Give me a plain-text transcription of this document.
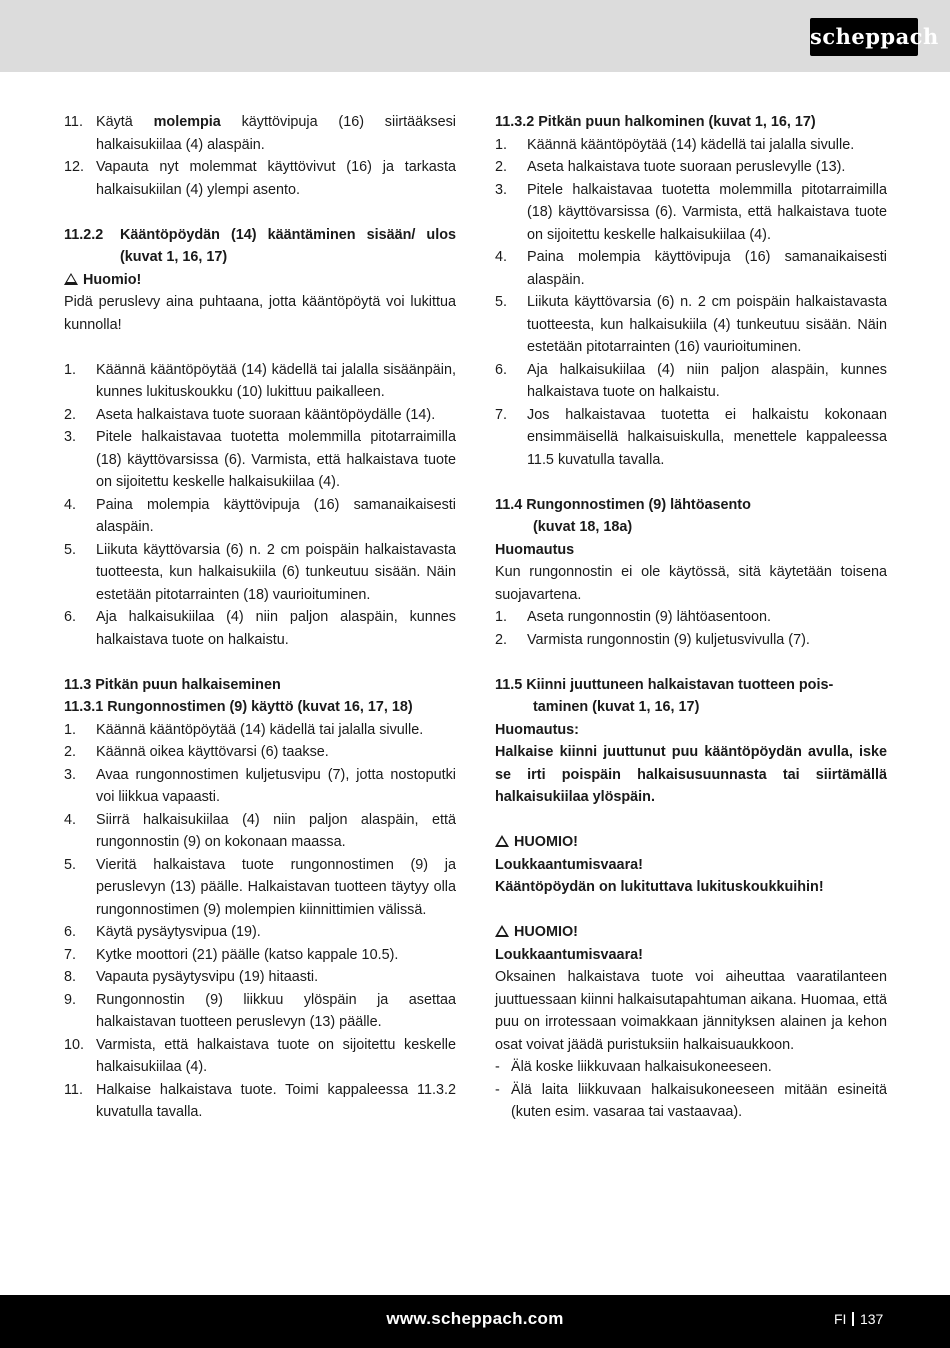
scheppach
11. Käytä molempia käyttövipuja (16) siirtääksesi halkaisukiilaa (4) alaspäin.
12. Vapauta nyt molemmat käyttövivut (16) ja tarkasta halkaisukiilan (4) ylempi asento.
11.2.2 Kääntöpöydän (14) kääntäminen sisään/ ulos (kuvat 1, 16, 17)
Huomio!
Pidä peruslevy aina puhtaana, jotta kääntöpöytä voi lukittua kunnolla!
1. Käännä kääntöpöytää (14) kädellä tai jalalla sisäänpäin, kunnes lukituskoukku (10) lukittuu paikalleen.
2. Aseta halkaistava tuote suoraan kääntöpöydälle (14).
3. Pitele halkaistavaa tuotetta molemmilla pitotarraimilla (18) käyttövarsissa (6). Varmista, että halkaistava tuote on sijoitettu keskelle halkaisukiilaa (4).
4. Paina molempia käyttövipuja (16) samanaikaisesti alaspäin.
5. Liikuta käyttövarsia (6) n. 2 cm poispäin halkaistavasta tuotteesta, kun halkaisukiila (6) tunkeutuu sisään. Näin estetään pitotarrainten (18) vaurioituminen.
6. Aja halkaisukiilaa (4) niin paljon alaspäin, kunnes halkaistava tuote on halkaistu.
11.3 Pitkän puun halkaiseminen
11.3.1 Rungonnostimen (9) käyttö (kuvat 16, 17, 18)
1. Käännä kääntöpöytää (14) kädellä tai jalalla sivulle.
2. Käännä oikea käyttövarsi (6) taakse.
3. Avaa rungonnostimen kuljetusvipu (7), jotta nostoputki voi liikkua vapaasti.
4. Siirrä halkaisukiilaa (4) niin paljon alaspäin, että rungonnostin (9) on kokonaan maassa.
5. Vieritä halkaistava tuote rungonnostimen (9) ja peruslevyn (13) päälle. Halkaistavan tuotteen täytyy olla rungonnostimen (9) molempien kiinnittimien välissä.
6. Käytä pysäytysvipua (19).
7. Kytke moottori (21) päälle (katso kappale 10.5).
8. Vapauta pysäytysvipu (19) hitaasti.
9. Rungonnostin (9) liikkuu ylöspäin ja asettaa halkaistavan tuotteen peruslevyn (13) päälle.
10. Varmista, että halkaistava tuote on sijoitettu keskelle halkaisukiilaa (4).
11. Halkaise halkaistava tuote. Toimi kappaleessa 11.3.2 kuvatulla tavalla.
11.3.2 Pitkän puun halkominen (kuvat 1, 16, 17)
1. Käännä kääntöpöytää (14) kädellä tai jalalla sivulle.
2. Aseta halkaistava tuote suoraan peruslevylle (13).
3. Pitele halkaistavaa tuotetta molemmilla pitotarraimilla (18) käyttövarsissa (6). Varmista, että halkaistava tuote on sijoitettu keskelle halkaisukiilaa (4).
4. Paina molempia käyttövipuja (16) samanaikaisesti alaspäin.
5. Liikuta käyttövarsia (6) n. 2 cm poispäin halkaistavasta tuotteesta, kun halkaisukiila (4) tunkeutuu sisään. Näin estetään pitotarrainten (16) vaurioituminen.
6. Aja halkaisukiilaa (4) niin paljon alaspäin, kunnes halkaistava tuote on halkaistu.
7. Jos halkaistavaa tuotetta ei halkaistu kokonaan ensimmäisellä halkaisuiskulla, menettele kappaleessa 11.5 kuvatulla tavalla.
11.4 Rungonnostimen (9) lähtöasento
(kuvat 18, 18a)
Huomautus
Kun rungonnostin ei ole käytössä, sitä käytetään toisena suojavartena.
1. Aseta rungonnostin (9) lähtöasentoon.
2. Varmista rungonnostin (9) kuljetusvivulla (7).
11.5 Kiinni juuttuneen halkaistavan tuotteen pois-
taminen (kuvat 1, 16, 17)
Huomautus:
Halkaise kiinni juuttunut puu kääntöpöydän avulla, iske se irti poispäin halkaisusuunnasta tai siirtämällä halkaisukiilaa ylöspäin.
HUOMIO!
Loukkaantumisvaara!
Kääntöpöydän on lukituttava lukituskoukkuihin!
HUOMIO!
Loukkaantumisvaara!
Oksainen halkaistava tuote voi aiheuttaa vaaratilanteen juuttuessaan kiinni halkaisutapahtuman aikana. Huomaa, että puu on irrotessaan voimakkaan jännityksen alainen ja kehon osat voivat jäädä puristuksiin halkaisuaukkoon.
- Älä koske liikkuvaan halkaisukoneeseen.
- Älä laita liikkuvaan halkaisukoneeseen mitään esineitä (kuten esim. vasaraa tai vastaavaa).
www.scheppach.com	FI 137
